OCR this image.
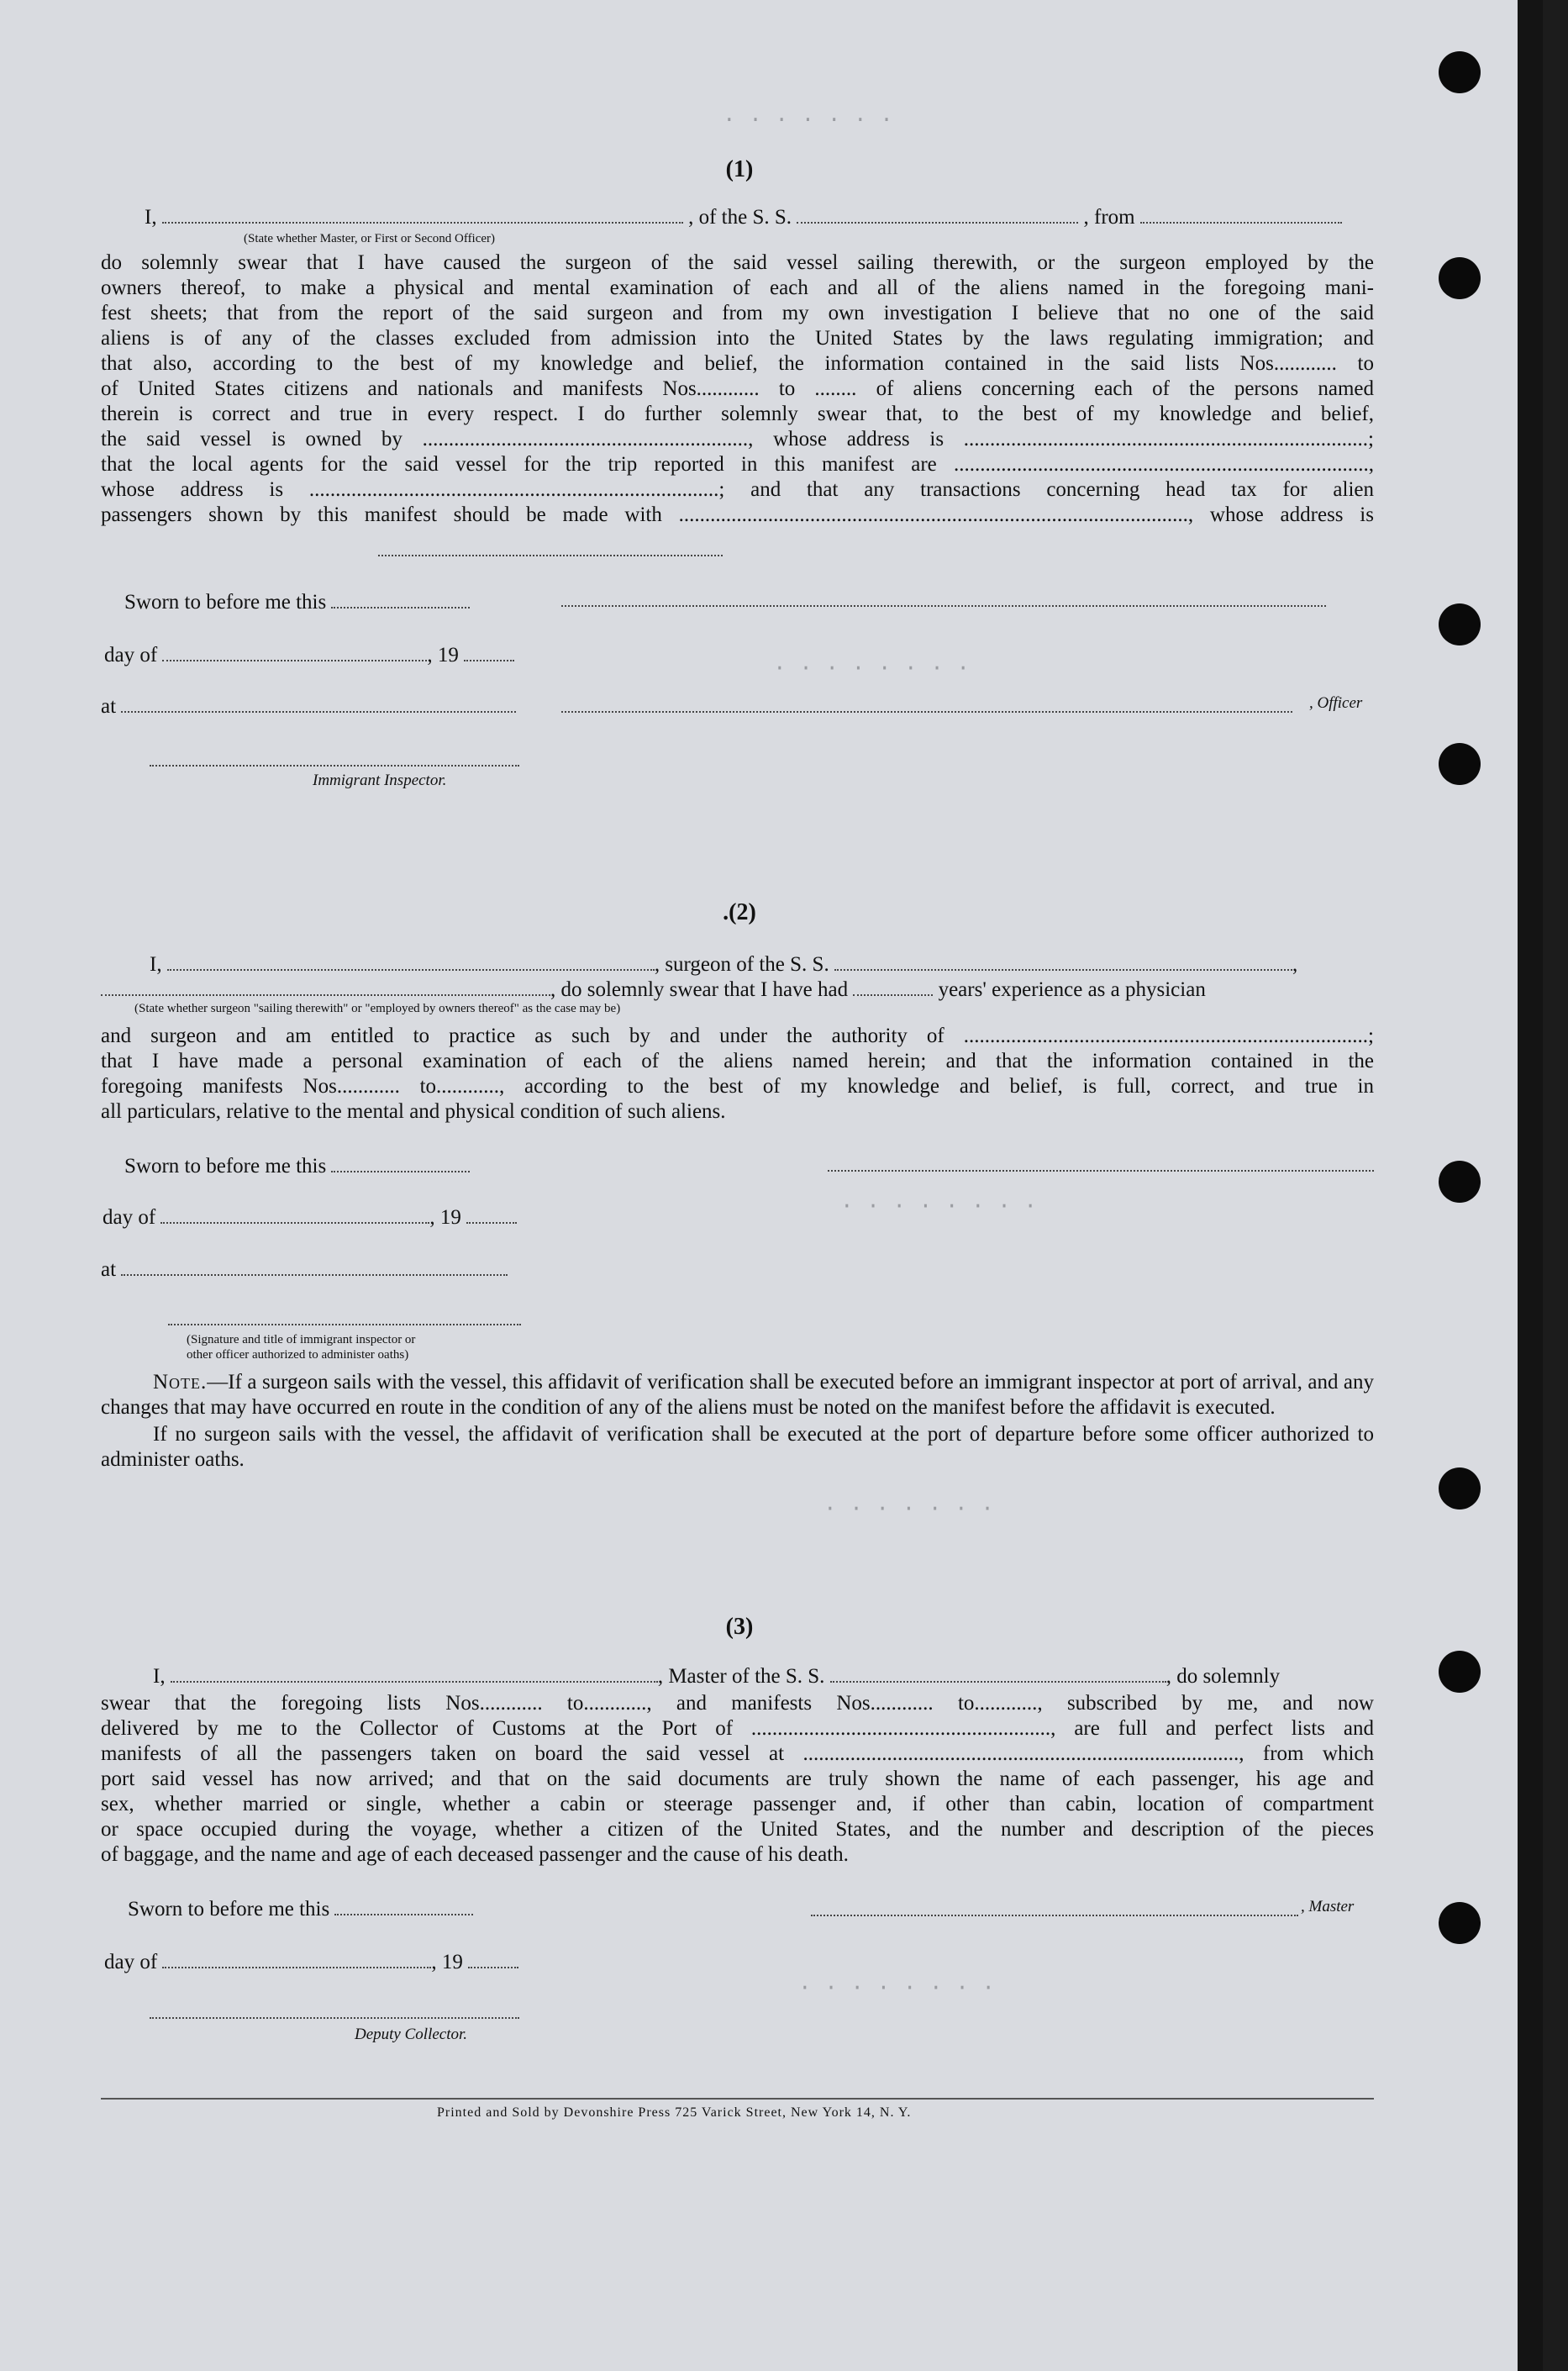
. . . . . . .
· · · · · · · ·
· · · · · · · ·
· · · · · · ·
· · · · · · · ·
(1)
I,	, of the S. S.	, from
(State whether Master, or First or Second Officer)
do solemnly swear that I have caused the surgeon of the said vessel sailing therewith, or the surgeon employed by the
owners thereof, to make a physical and mental examination of each and all of the aliens named in the foregoing mani-
fest sheets; that from the report of the said surgeon and from my own investigation I believe that no one of the said
aliens is of any of the classes excluded from admission into the United States by the laws regulating immigration; and
that also, according to the best of my knowledge and belief, the information contained in the said lists Nos............ to
of United States citizens and nationals and manifests Nos............ to ........ of aliens concerning each of the persons named
therein is correct and true in every respect. I do further solemnly swear that, to the best of my knowledge and belief,
the said vessel is owned by .............................................................., whose address is .............................................................................;
that the local agents for the said vessel for the trip reported in this manifest are ...............................................................................,
whose address is ..............................................................................; and that any transactions concerning head tax for alien
passengers shown by this manifest should be made with ................................................................................................., whose address is
Sworn to before me this
day of	, 19
at	, Officer
Immigrant Inspector.
.(2)
I,	, surgeon of the S. S.	,
, do solemnly swear that I have had	years' experience as a physician
(State whether surgeon "sailing therewith" or "employed by owners thereof" as the case may be)
and surgeon and am entitled to practice as such by and under the authority of .............................................................................;
that I have made a personal examination of each of the aliens named herein; and that the information contained in the
foregoing manifests Nos............ to............, according to the best of my knowledge and belief, is full, correct, and true in
all particulars, relative to the mental and physical condition of such aliens.
Sworn to before me this
day of	, 19
at
(Signature and title of immigrant inspector or
other officer authorized to administer oaths)

Note.—If a surgeon sails with the vessel, this affidavit of verification shall be executed before an immigrant inspector at port of arrival, and any changes that may have occurred en route in the condition of any of the aliens must be noted on the manifest before the affidavit is executed.

If no surgeon sails with the vessel, the affidavit of verification shall be executed at the port of departure before some officer authorized to administer oaths.

(3)
I,	, Master of the S. S.	, do solemnly
swear that the foregoing lists Nos............ to............, and manifests Nos............ to............, subscribed by me, and now
delivered by me to the Collector of Customs at the Port of ........................................................., are full and perfect lists and
manifests of all the passengers taken on board the said vessel at ..................................................................................., from which
port said vessel has now arrived; and that on the said documents are truly shown the name of each passenger, his age and
sex, whether married or single, whether a cabin or steerage passenger and, if other than cabin, location of compartment
or space occupied during the voyage, whether a citizen of the United States, and the number and description of the pieces
of baggage, and the name and age of each deceased passenger and the cause of his death.
Sworn to before me this	, Master
day of	, 19
Deputy Collector.
Printed and Sold by Devonshire Press 725 Varick Street, New York 14, N. Y.
